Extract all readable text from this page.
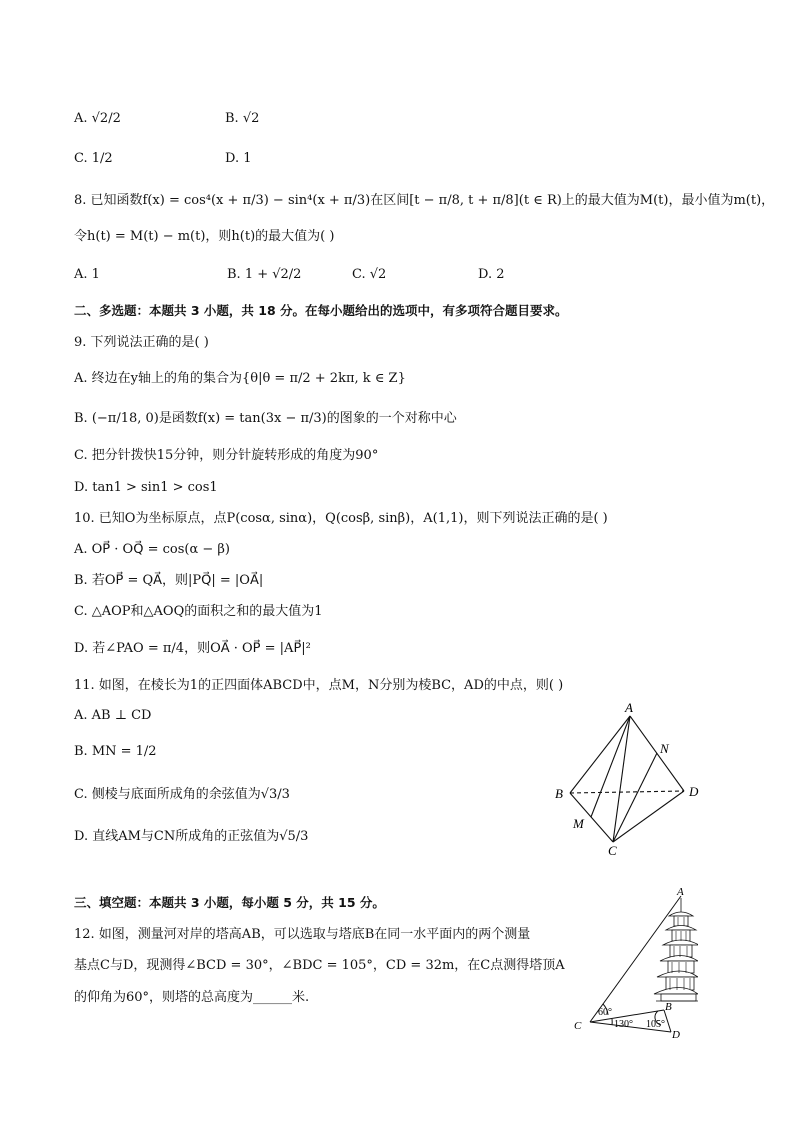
A. √2/2	B. √2
C. 1/2	D. 1
8. 已知函数f(x) = cos⁴(x + π/3) − sin⁴(x + π/3)在区间[t − π/8, t + π/8](t ∈ R)上的最大值为M(t)，最小值为m(t)，
令h(t) = M(t) − m(t)，则h(t)的最大值为( )
A. 1	B. 1 + √2/2	C. √2	D. 2
二、多选题：本题共 3 小题，共 18 分。在每小题给出的选项中，有多项符合题目要求。
9. 下列说法正确的是( )
A. 终边在y轴上的角的集合为{θ|θ = π/2 + 2kπ, k ∈ Z}
B. (−π/18, 0)是函数f(x) = tan(3x − π/3)的图象的一个对称中心
C. 把分针拨快15分钟，则分针旋转形成的角度为90°
D. tan1 > sin1 > cos1
10. 已知O为坐标原点，点P(cosα, sinα)，Q(cosβ, sinβ)，A(1,1)，则下列说法正确的是( )
A. OP⃗ · OQ⃗ = cos(α − β)
B. 若OP⃗ = QA⃗，则|PQ⃗| = |OA⃗|
C. △AOP和△AOQ的面积之和的最大值为1
D. 若∠PAO = π/4，则OA⃗ · OP⃗ = |AP⃗|²
11. 如图，在棱长为1的正四面体ABCD中，点M，N分别为棱BC，AD的中点，则( )
A. AB ⊥ CD
B. MN = 1/2
C. 侧棱与底面所成角的余弦值为√3/3
D. 直线AM与CN所成角的正弦值为√5/3
A
B
C
D
M
N
三、填空题：本题共 3 小题，每小题 5 分，共 15 分。
12. 如图，测量河对岸的塔高AB，可以选取与塔底B在同一水平面内的两个测量
基点C与D，现测得∠BCD = 30°，∠BDC = 105°，CD = 32m，在C点测得塔顶A
的仰角为60°，则塔的总高度为______米.
A
B
C
D
60°
130° 105°
